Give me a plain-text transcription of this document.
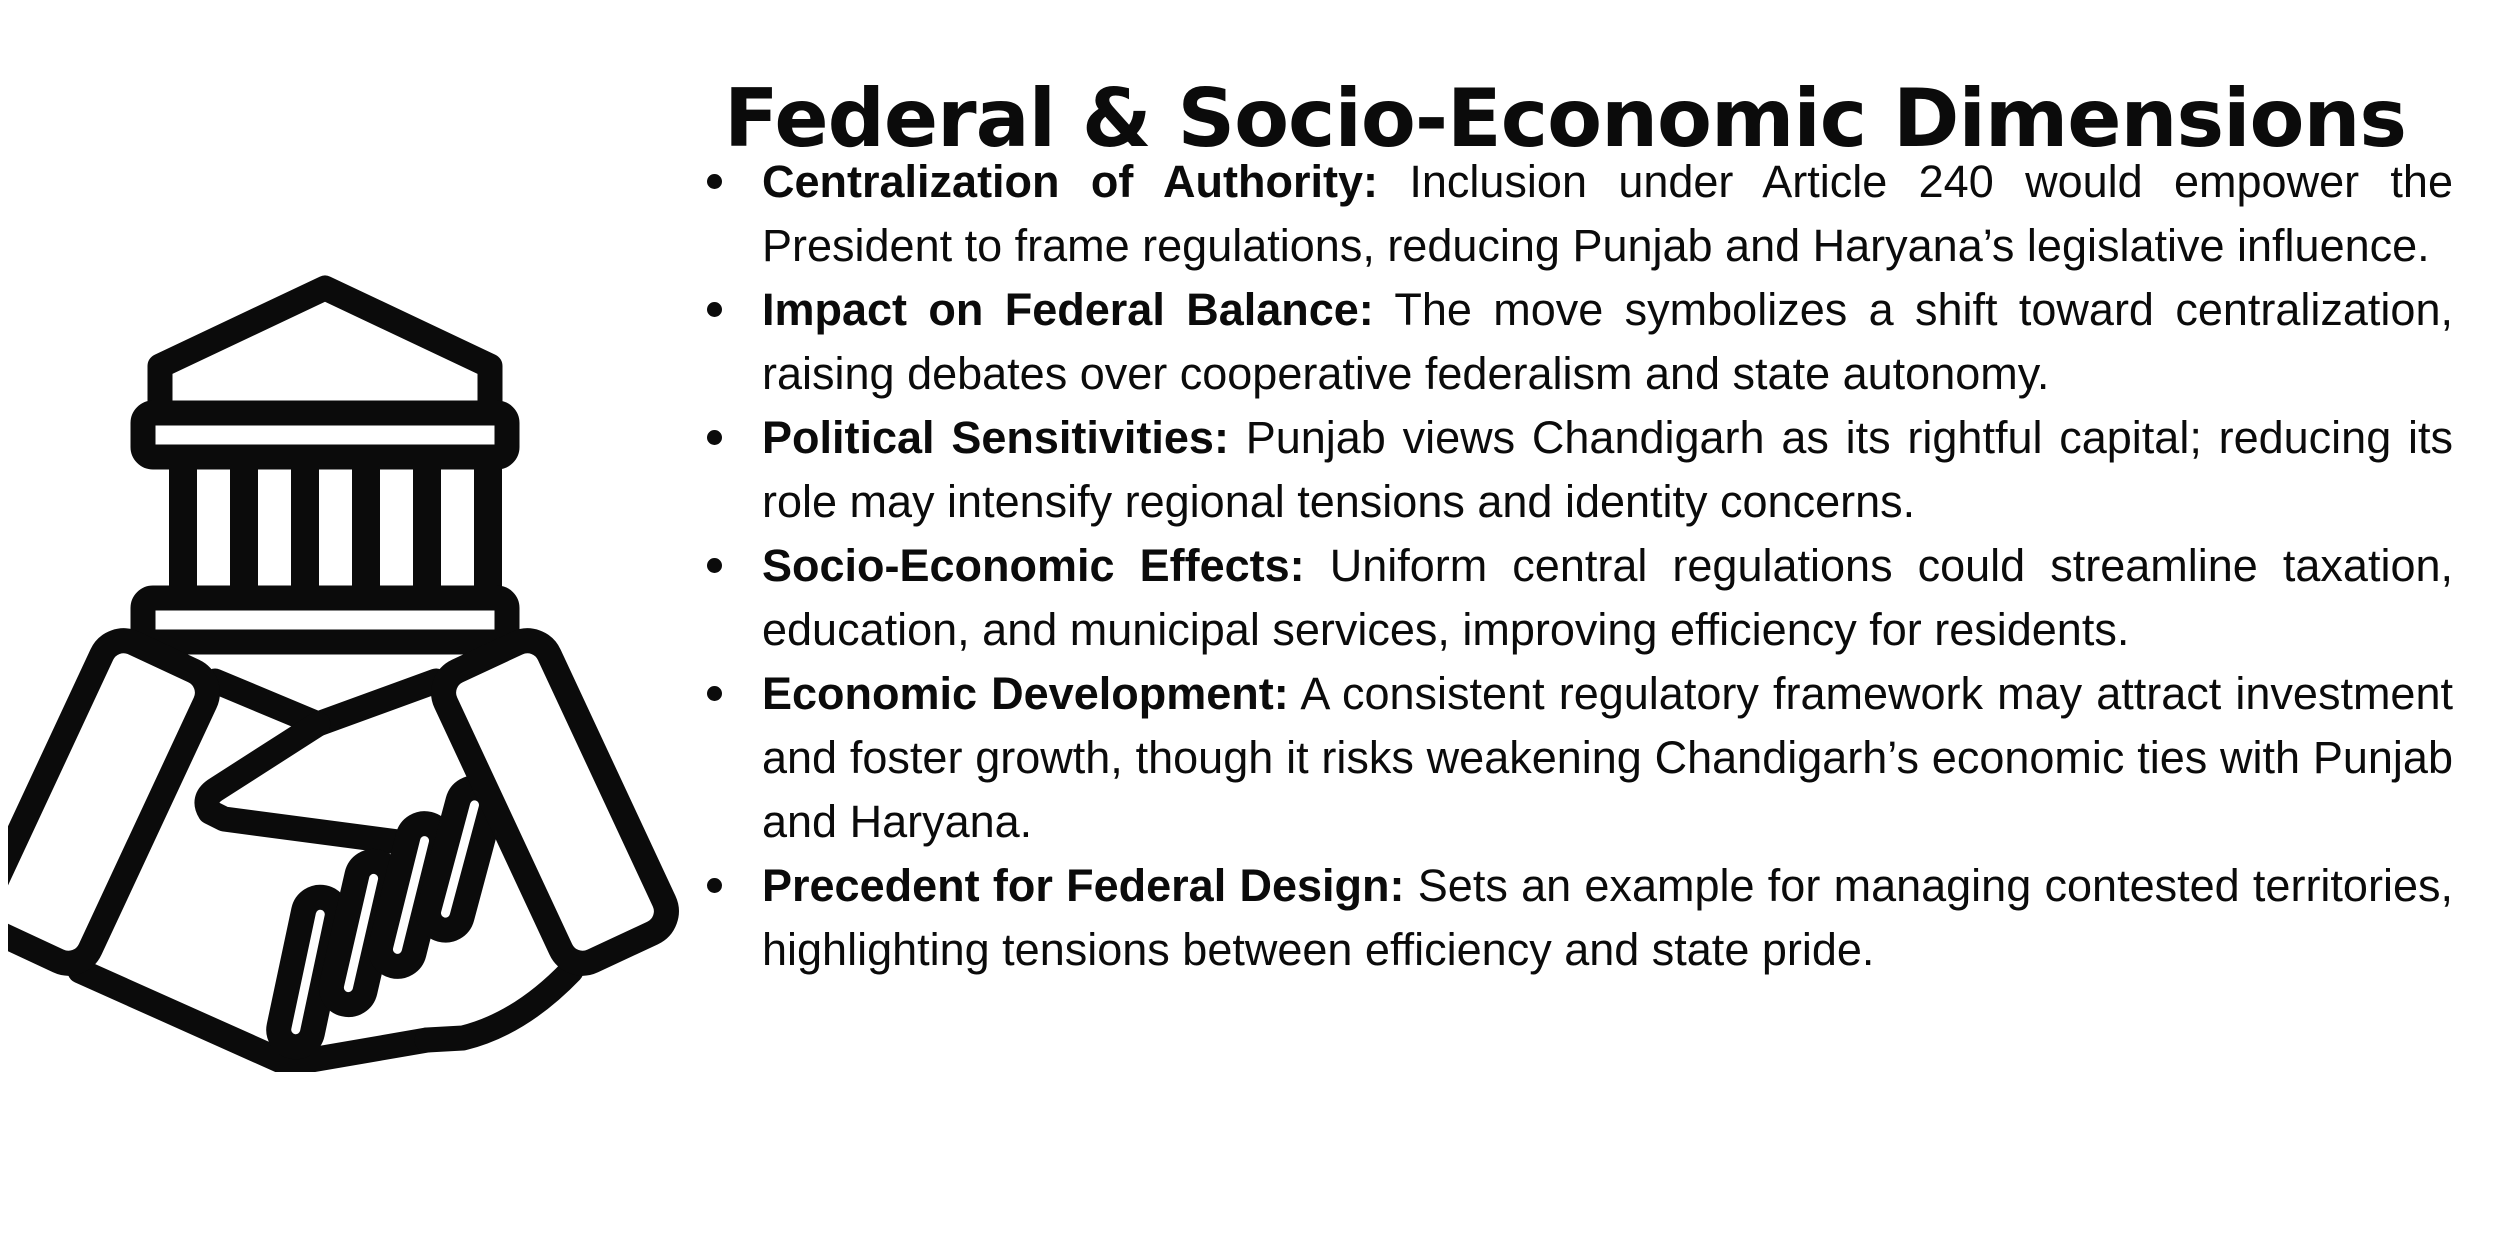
Federal & Socio-Economic Dimensions
Centralization of Authority: Inclusion under Article 240 would empower the President to frame regulations, reducing Punjab and Haryana’s legislative influence.
Impact on Federal Balance: The move symbolizes a shift toward centralization, raising debates over cooperative federalism and state autonomy.
Political Sensitivities: Punjab views Chandigarh as its rightful capital; reducing its role may intensify regional tensions and identity concerns.
Socio-Economic Effects: Uniform central regulations could streamline taxation, education, and municipal services, improving efficiency for residents.
Economic Development: A consistent regulatory framework may attract investment and foster growth, though it risks weakening Chandigarh’s economic ties with Punjab and Haryana.
Precedent for Federal Design: Sets an example for managing contested territories, highlighting tensions between efficiency and state pride.
